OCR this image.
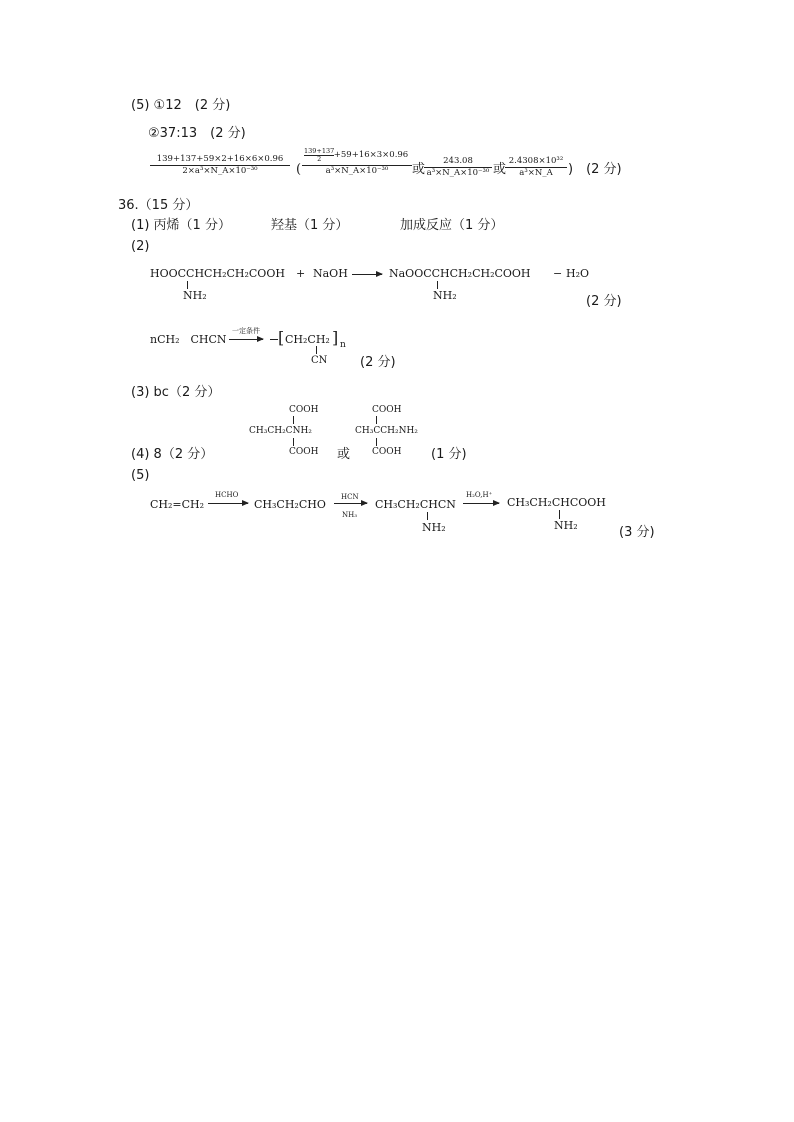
(5) ①12　(2 分)
②37:13　(2 分)
$\frac{139+137+59\times 2+16\times 6\times 0.96}{\text{2×a³×N\_A×10⁻³⁰}}$ ( $\frac{\frac{139+137}{2} +59+16\times 3\times 0.96}{\text{a³×N\_A×10⁻³⁰}}$ 或
$\frac{243.08}{\text{a³×N\_A×10⁻³⁰}}$ 或
$\frac{\text{2.4308×10³²}}{\text{a³×N\_A}}$ )　(2 分)
36.（15 分）
(1) 丙烯（1 分）	羟基（1 分）	加成反应（1 分）
(2)
HOOCCHCH₂CH₂COOH
NH₂
+ NaOH	NaOOCCHCH₂CH₂COOH
NH₂
− H₂O
(2 分)
nCH₂　CHCN
一定条件 [ CH₂CH₂ ] n
CN	(2 分)
(3) bc（2 分）
COOH
CH₃CH₂CNH₂
COOH
(4) 8（2 分）	或
COOH
CH₃CCH₂NH₂
COOH (1 分)
(5)
CH₂=CH₂
HCHO
CH₃CH₂CHO
HCN
NH₃
CH₃CH₂CHCN
NH₂
H₂O,H⁺
CH₃CH₂CHCOOH
NH₂	(3 分)
